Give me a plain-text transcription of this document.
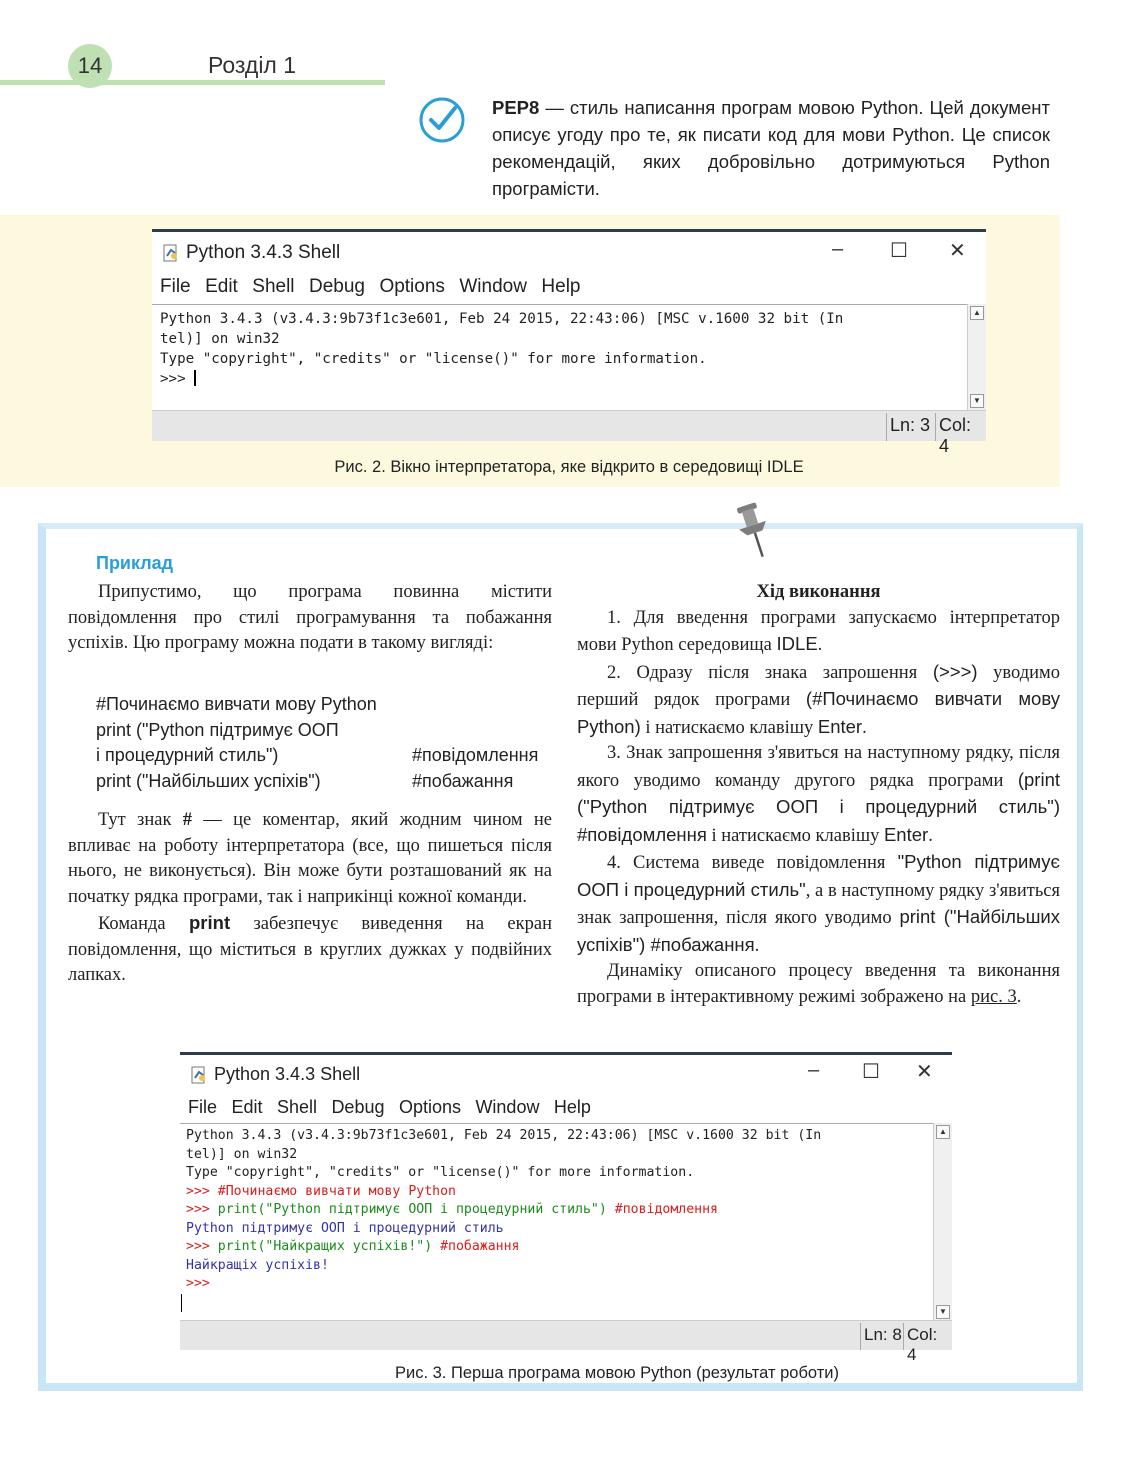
14	Розділ 1
PEP8 — стиль написання програм мовою Python. Цей документ описує угоду про те, як писати код для мови Python. Це список рекомендацій, яких добровільно дотримуються Python програмісти.
Python 3.4.3 Shell	– ☐ ✕
File Edit Shell Debug Options Window Help
Python 3.4.3 (v3.4.3:9b73f1c3e601, Feb 24 2015, 22:43:06) [MSC v.1600 32 bit (In
tel)] on win32
Type "copyright", "credits" or "license()" for more information.
>>>
▲
▼
Ln: 3 Col: 4
Рис. 2. Вікно інтерпретатора, яке відкрито в середовищі IDLE
Приклад

Припустимо, що програма повинна містити повідомлення про стилі програмування та побажання успіхів. Цю програму можна подати в такому вигляді:

#Починаємо вивчати мову Python
print ("Python підтримує ООП
і процедурний стиль")	#повідомлення
print ("Найбільших успіхів")	#побажання

Тут знак # — це коментар, який жодним чином не впливає на роботу інтерпретатора (все, що пишеться після нього, не виконується). Він може бути розташований як на початку рядка програми, так і наприкінці кожної команди.

Команда print забезпечує виведення на екран повідомлення, що міститься в круглих дужках у подвійних лапках.

Хід виконання

1. Для введення програми запускаємо інтерпретатор мови Python середовища IDLE.

2. Одразу після знака запрошення (>>>) уводимо перший рядок програми (#Починаємо вивчати мову Python) і натискаємо клавішу Enter.

3. Знак запрошення з'явиться на наступному рядку, після якого уводимо команду другого рядка програми (print ("Python підтримує ООП і процедурний стиль") #повідомлення і натискаємо клавішу Enter.

4. Система виведе повідомлення "Python підтримує ООП і процедурний стиль", а в наступному рядку з'явиться знак запрошення, після якого уводимо print ("Найбільших успіхів") #побажання.

Динаміку описаного процесу введення та виконання програми в інтерактивному режимі зображено на рис. 3.

Python 3.4.3 Shell	– ☐ ✕
File Edit Shell Debug Options Window Help
Python 3.4.3 (v3.4.3:9b73f1c3e601, Feb 24 2015, 22:43:06) [MSC v.1600 32 bit (In
tel)] on win32
Type "copyright", "credits" or "license()" for more information.
>>> #Починаємо вивчати мову Python
>>> print("Python підтримує ООП і процедурний стиль") #повідомлення
Python підтримує ООП і процедурний стиль
>>> print("Найкращих успіхів!") #побажання
Найкращіх успіхів!
>>>
▲
▼
Ln: 8 Col: 4
Рис. 3. Перша програма мовою Python (результат роботи)
